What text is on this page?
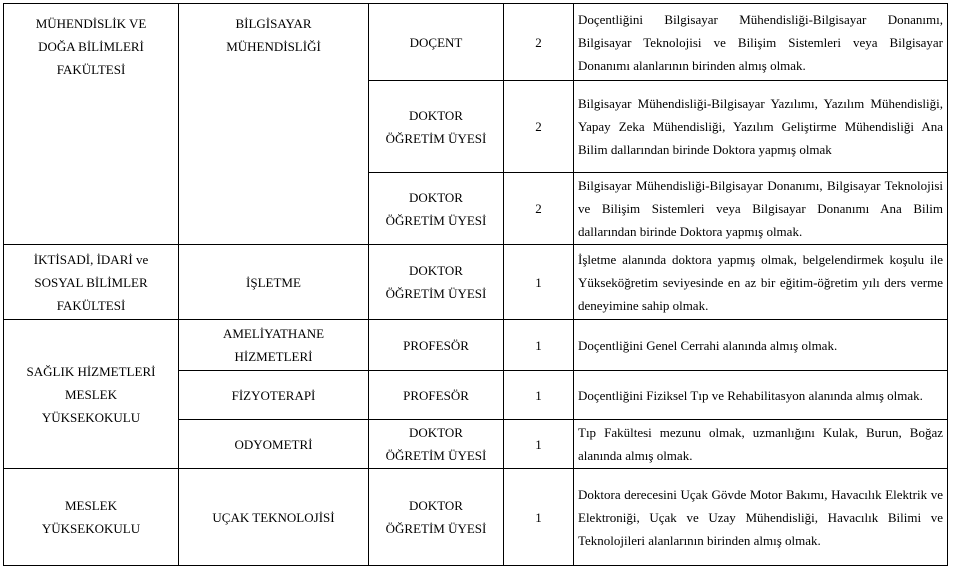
MÜHENDİSLİK VE DOĞA BİLİMLERİ FAKÜLTESİ	BİLGİSAYAR MÜHENDİSLİĞİ	DOÇENT	2	Doçentliğini Bilgisayar Mühendisliği-Bilgisayar Donanımı, Bilgisayar Teknolojisi ve Bilişim Sistemleri veya Bilgisayar Donanımı alanlarının birinden almış olmak.
		DOKTOR ÖĞRETİM ÜYESİ	2	Bilgisayar Mühendisliği-Bilgisayar Yazılımı, Yazılım Mühendisliği, Yapay Zeka Mühendisliği, Yazılım Geliştirme Mühendisliği Ana Bilim dallarından birinde Doktora yapmış olmak
		DOKTOR ÖĞRETİM ÜYESİ	2	Bilgisayar Mühendisliği-Bilgisayar Donanımı, Bilgisayar Teknolojisi ve Bilişim Sistemleri veya Bilgisayar Donanımı Ana Bilim dallarından birinde Doktora yapmış olmak.
İKTİSADİ, İDARİ ve SOSYAL BİLİMLER FAKÜLTESİ	İŞLETME	DOKTOR ÖĞRETİM ÜYESİ	1	İşletme alanında doktora yapmış olmak, belgelendirmek koşulu ile Yükseköğretim seviyesinde en az bir eğitim-öğretim yılı ders verme deneyimine sahip olmak.
SAĞLIK HİZMETLERİ MESLEK YÜKSEKOKULU	AMELİYATHANE HİZMETLERİ	PROFESÖR	1	Doçentliğini Genel Cerrahi alanında almış olmak.
	FİZYOTERAPİ	PROFESÖR	1	Doçentliğini Fiziksel Tıp ve Rehabilitasyon alanında almış olmak.
	ODYOMETRİ	DOKTOR ÖĞRETİM ÜYESİ	1	Tıp Fakültesi mezunu olmak, uzmanlığını Kulak, Burun, Boğaz alanında almış olmak.
MESLEK YÜKSEKOKULU	UÇAK TEKNOLOJİSİ	DOKTOR ÖĞRETİM ÜYESİ	1	Doktora derecesini Uçak Gövde Motor Bakımı, Havacılık Elektrik ve Elektroniği, Uçak ve Uzay Mühendisliği, Havacılık Bilimi ve Teknolojileri alanlarının birinden almış olmak.
